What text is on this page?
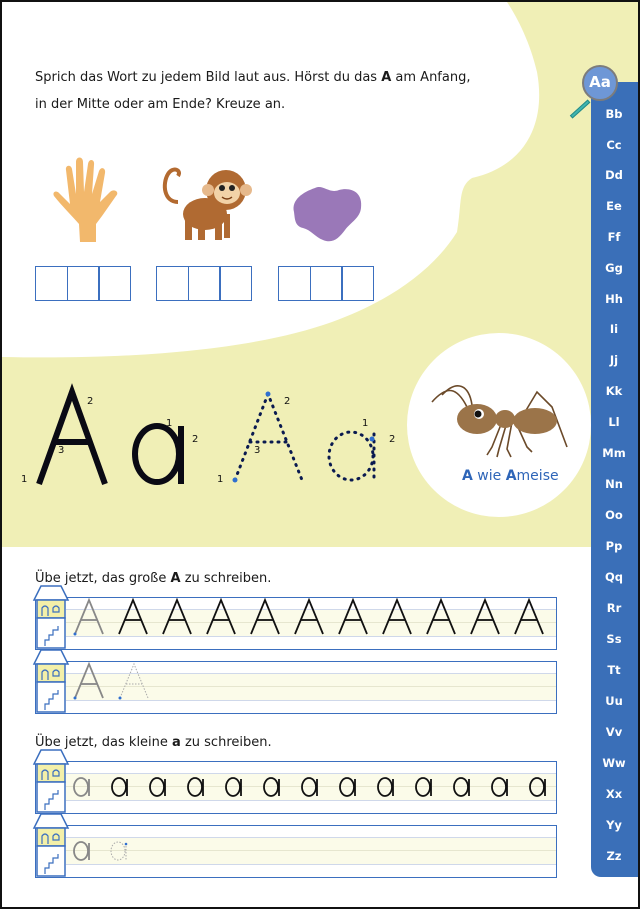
Sprich das Wort zu jedem Bild laut aus. Hörst du das A am Anfang,
in der Mitte oder am Ende? Kreuze an.
1
2
3
1
2
1
2
3
1
2
A wie Ameise
Übe jetzt, das große A zu schreiben.
Übe jetzt, das kleine a zu schreiben.
Bb
Cc
Dd
Ee
Ff
Gg
Hh
Ii
Jj
Kk
Ll
Mm
Nn
Oo
Pp
Qq
Rr
Ss
Tt
Uu
Vv
Ww
Xx
Yy
Zz
Aa
